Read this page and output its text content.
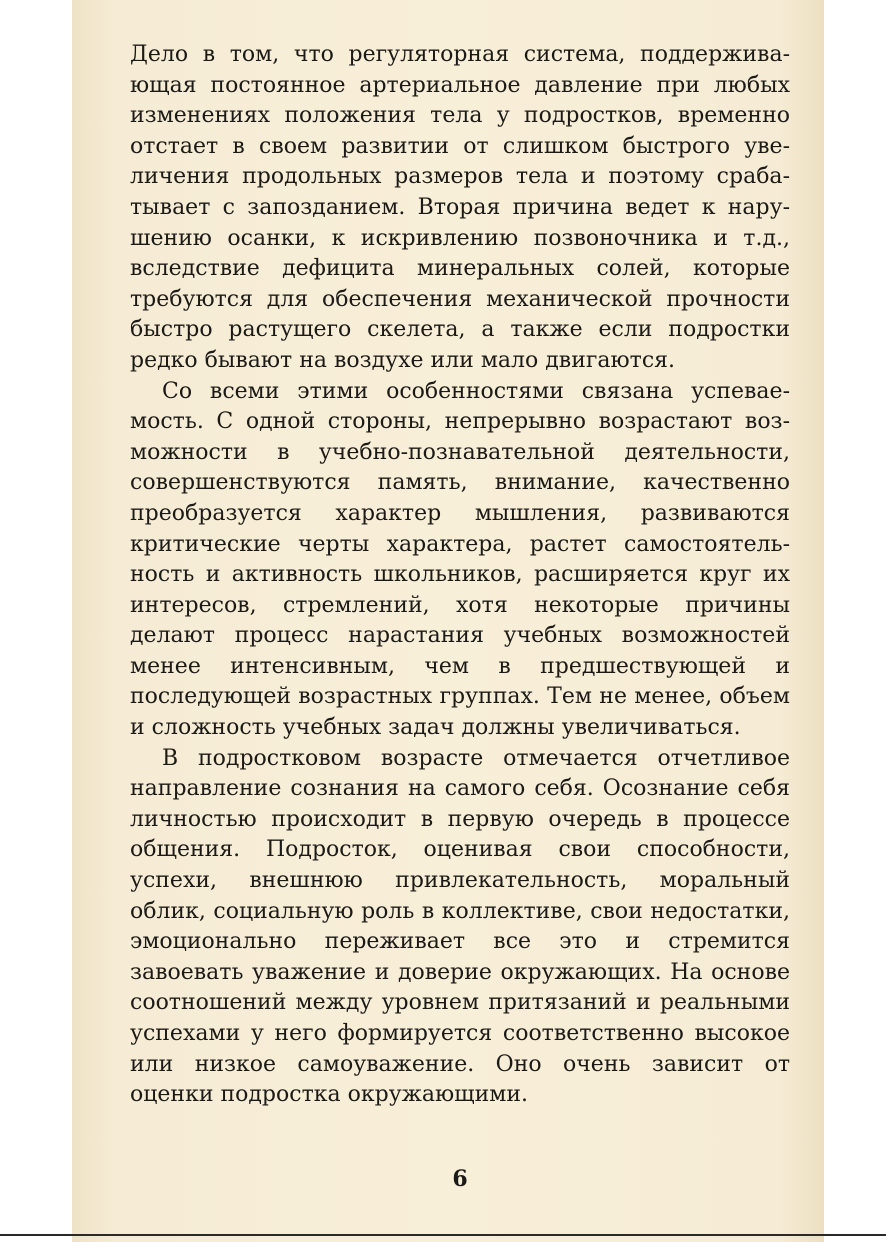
Дело в том, что регуляторная система, поддерживающая постоянное артериальное давление при любых изменениях положения тела у подростков, временно отстает в своем развитии от слишком быстрого увеличения продольных размеров тела и поэтому срабатывает с запозданием. Вторая причина ведет к нарушению осанки, к искривлению позвоночника и т.д., вследствие дефицита минеральных солей, которые требуются для обеспечения механической прочности быстро растущего скелета, а также если подростки редко бывают на воздухе или мало двигаются.

Со всеми этими особенностями связана успеваемость. С одной стороны, непрерывно возрастают возможности в учебно-познавательной деятельности, совершенствуются память, внимание, качественно преобразуется характер мышления, развиваются критические черты характера, растет самостоятельность и активность школьников, расширяется круг их интересов, стремлений, хотя некоторые причины делают процесс нарастания учебных возможностей менее интенсивным, чем в предшествующей и последующей возрастных группах. Тем не менее, объем и сложность учебных задач должны увеличиваться.

В подростковом возрасте отмечается отчетливое направление сознания на самого себя. Осознание себя личностью происходит в первую очередь в процессе общения. Подросток, оценивая свои способности, успехи, внешнюю привлекательность, моральный облик, социальную роль в коллективе, свои недостатки, эмоционально переживает все это и стремится завоевать уважение и доверие окружающих. На основе соотношений между уровнем притязаний и реальными успехами у него формируется соответственно высокое или низкое самоуважение. Оно очень зависит от оценки подростка окружающими.

6
